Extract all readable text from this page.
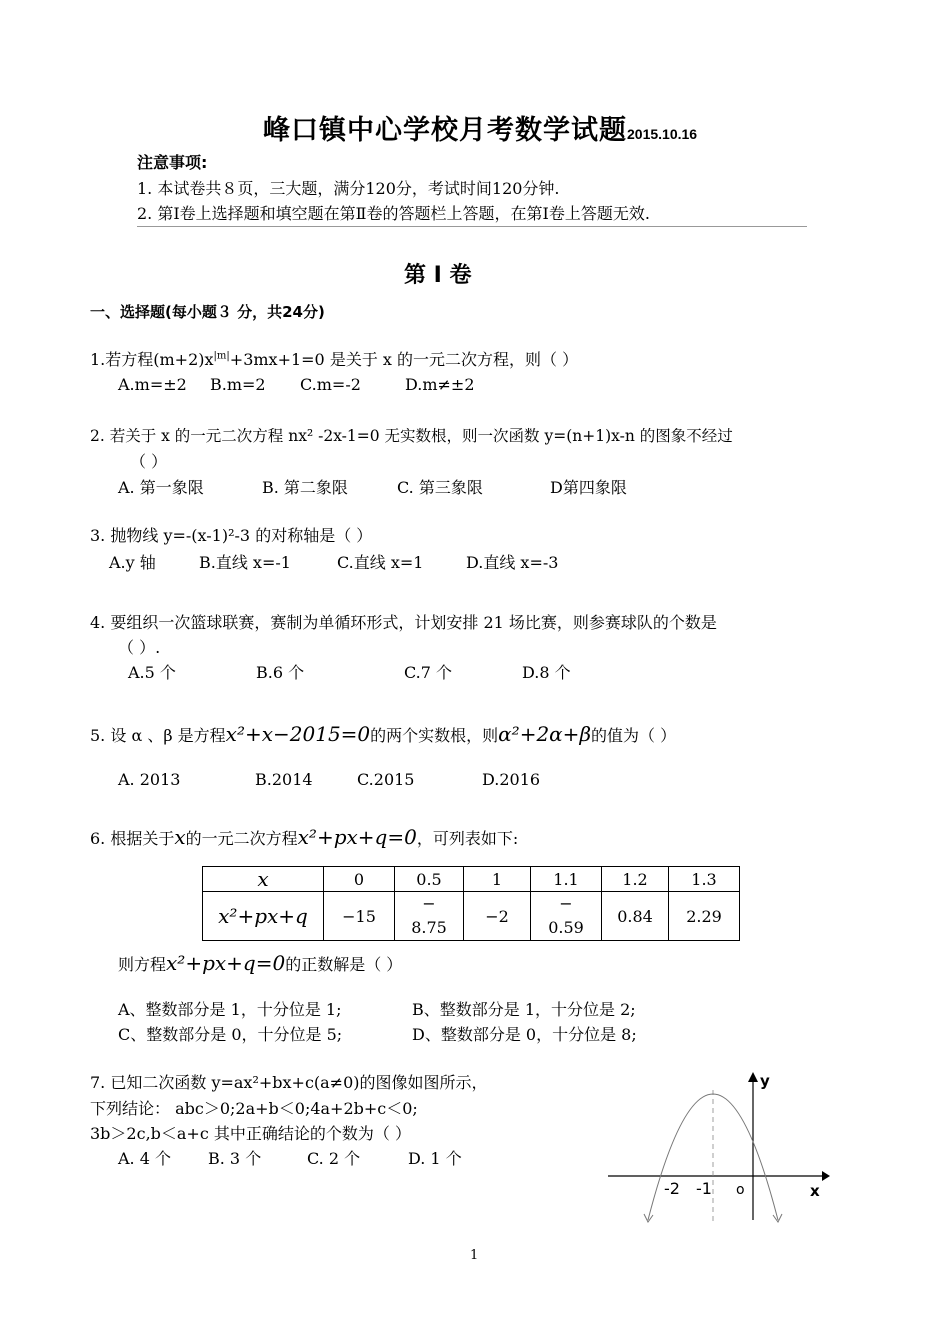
峰口镇中心学校月考数学试题2015.10.16
注意事项:
1. 本试卷共８页，三大题，满分120分，考试时间120分钟.
2. 第Ⅰ卷上选择题和填空题在第Ⅱ卷的答题栏上答题，在第Ⅰ卷上答题无效.
第 Ⅰ 卷
一、选择题(每小题３ 分，共24分)
1.若方程$(m+2)x^{|m|}+3mx+1=0$ 是关于 x 的一元二次方程，则（ ）
A.m=±2 B.m=2 C.m=-2	D.m≠±2
2. 若关于 x 的一元二次方程 nx² -2x-1=0 无实数根，则一次函数 y=(n+1)x-n 的图象不经过
（ ）
A. 第一象限	B. 第二象限	C. 第三象限	D第四象限
3. 抛物线 y=-(x-1)²-3 的对称轴是（ ）
A.y 轴	B.直线 x=-1	C.直线 x=1	D.直线 x=-3
4. 要组织一次篮球联赛，赛制为单循环形式，计划安排 21 场比赛，则参赛球队的个数是
（ ）.
A.5 个	B.6 个	C.7 个	D.8 个
5. 设 α 、β 是方程x²+x−2015=0的两个实数根，则α²+2α+β的值为（ ）
A. 2013	B.2014	C.2015	D.2016
6. 根据关于x的一元二次方程x²+px+q=0，可列表如下:
x	0	0.5	1	1.1	1.2	1.3
x²+px+q	−15	−
8.75	−2	−
0.59	0.84	2.29
则方程x²+px+q=0的正数解是（ ）
A、整数部分是 1，十分位是 1;	B、整数部分是 1，十分位是 2;
C、整数部分是 0，十分位是 5;	D、整数部分是 0，十分位是 8;
7. 已知二次函数 y=ax²+bx+c(a≠0)的图像如图所示，
下列结论： abc＞0;2a+b＜0;4a+2b+c＜0;
3b＞2c,b＜a+c 其中正确结论的个数为（ ）
A. 4 个 B. 3 个	C. 2 个	D. 1 个
y
x
o
-2 -1
1
